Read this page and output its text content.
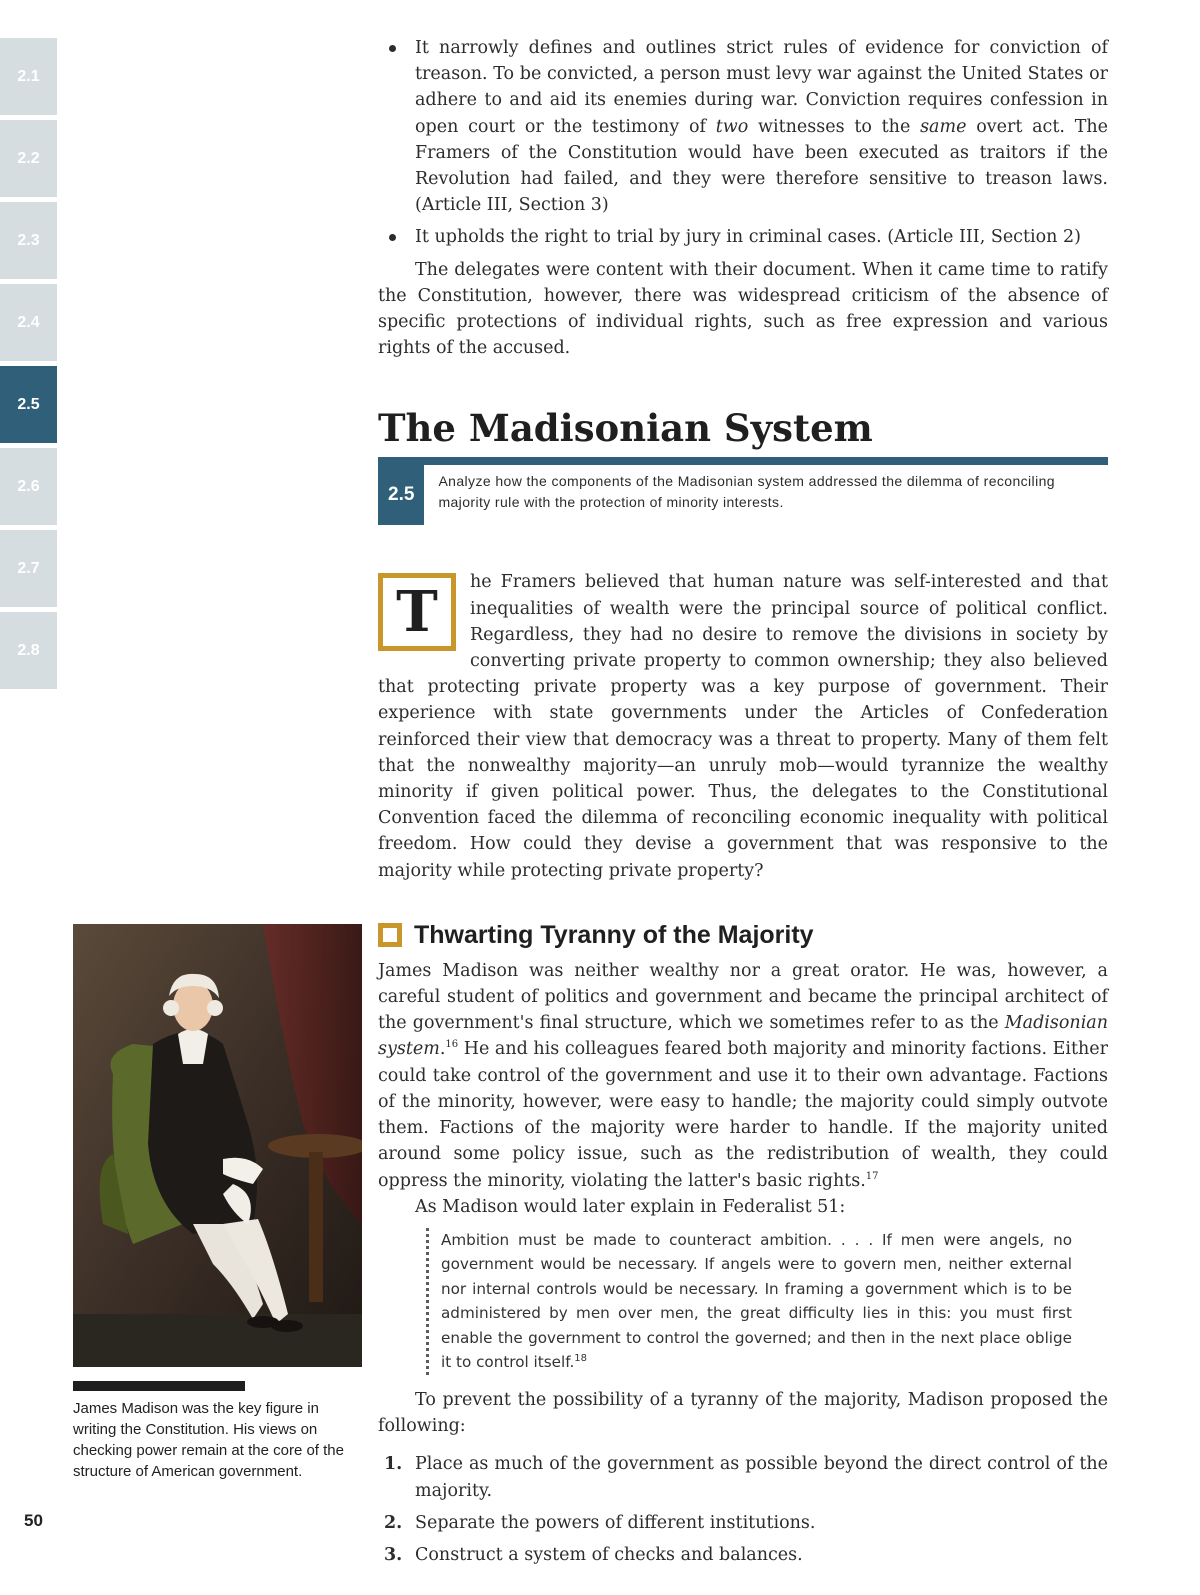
2.1
2.2
2.3
2.4
2.5
2.6
2.7
2.8
It narrowly defines and outlines strict rules of evidence for conviction of treason. To be convicted, a person must levy war against the United States or adhere to and aid its enemies during war. Conviction requires confession in open court or the testimony of two witnesses to the same overt act. The Framers of the Constitution would have been executed as traitors if the Revolution had failed, and they were therefore sensitive to treason laws. (Article III, Section 3)
It upholds the right to trial by jury in criminal cases. (Article III, Section 2)

The delegates were content with their document. When it came time to ratify the Constitution, however, there was widespread criticism of the absence of specific protections of individual rights, such as free expression and various rights of the accused.

The Madisonian System
2.5
Analyze how the components of the Madisonian system addressed the dilemma of reconciling majority rule with the protection of minority interests.
T	he Framers believed that human nature was self-interested and that inequalities of wealth were the principal source of political conflict. Regardless, they had no desire to remove the divisions in society by converting private property to common ownership; they also believed that protecting private property was a key purpose of government. Their experience with state governments under the Articles of Confederation reinforced their view that democracy was a threat to property. Many of them felt that the nonwealthy majority—an unruly mob—would tyrannize the wealthy minority if given political power. Thus, the delegates to the Constitutional Convention faced the dilemma of reconciling economic inequality with political freedom. How could they devise a government that was responsive to the majority while protecting private property?
Thwarting Tyranny of the Majority

James Madison was neither wealthy nor a great orator. He was, however, a careful student of politics and government and became the principal architect of the government's final structure, which we sometimes refer to as the Madisonian system.$^{16}$ He and his colleagues feared both majority and minority factions. Either could take control of the government and use it to their own advantage. Factions of the minority, however, were easy to handle; the majority could simply outvote them. Factions of the majority were harder to handle. If the majority united around some policy issue, such as the redistribution of wealth, they could oppress the minority, violating the latter's basic rights.$^{17}$

As Madison would later explain in Federalist 51:

Ambition must be made to counteract ambition. . . . If men were angels, no government would be necessary. If angels were to govern men, neither external nor internal controls would be necessary. In framing a government which is to be administered by men over men, the great difficulty lies in this: you must first enable the government to control the governed; and then in the next place oblige it to control itself.$^{18}$

To prevent the possibility of a tyranny of the majority, Madison proposed the following:

1. Place as much of the government as possible beyond the direct control of the majority.
2. Separate the powers of different institutions.
3. Construct a system of checks and balances.
James Madison was the key figure in writing the Constitution. His views on checking power remain at the core of the structure of American government.
50
